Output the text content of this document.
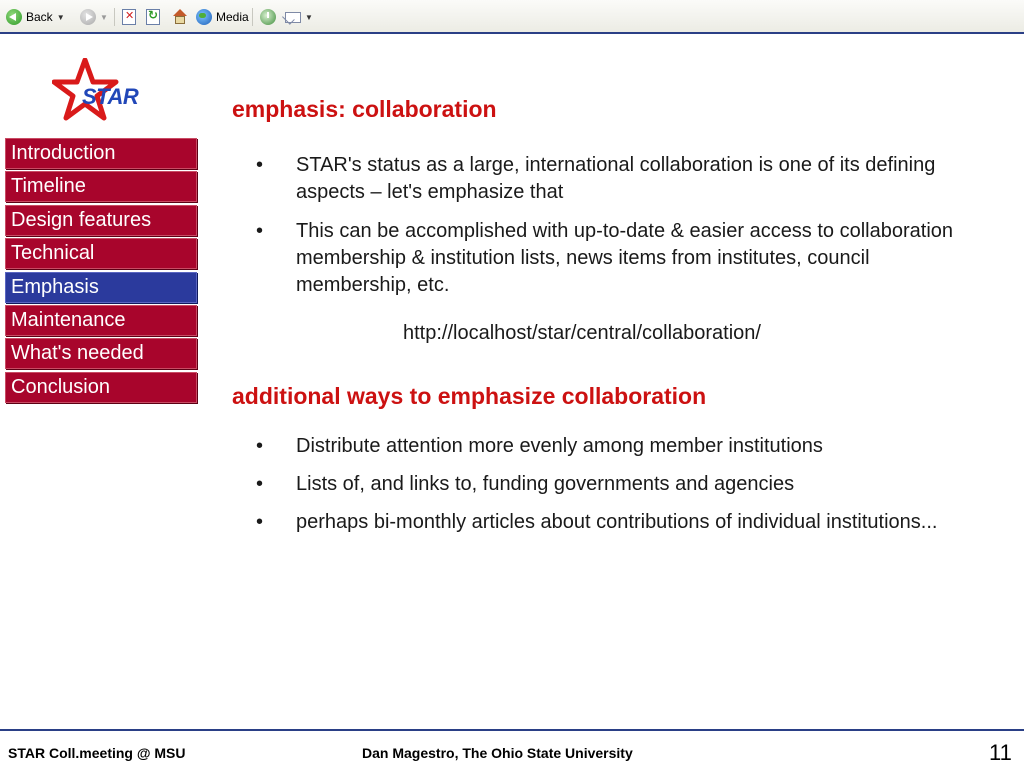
Back ▼	▼ ✕ ↻	Media	▼
STAR
Introduction
Timeline
Design features
Technical
Emphasis
Maintenance
What's needed
Conclusion
emphasis: collaboration
• STAR's status as a large, international collaboration is one of its defining aspects – let's emphasize that
• This can be accomplished with up-to-date & easier access to collaboration membership & institution lists, news items from institutes, council membership, etc.
http://localhost/star/central/collaboration/
additional ways to emphasize collaboration
• Distribute attention more evenly among member institutions
• Lists of, and links to, funding governments and agencies
• perhaps bi-monthly articles about contributions of individual institutions...
STAR Coll.meeting @ MSU	Dan Magestro, The Ohio State University	11
